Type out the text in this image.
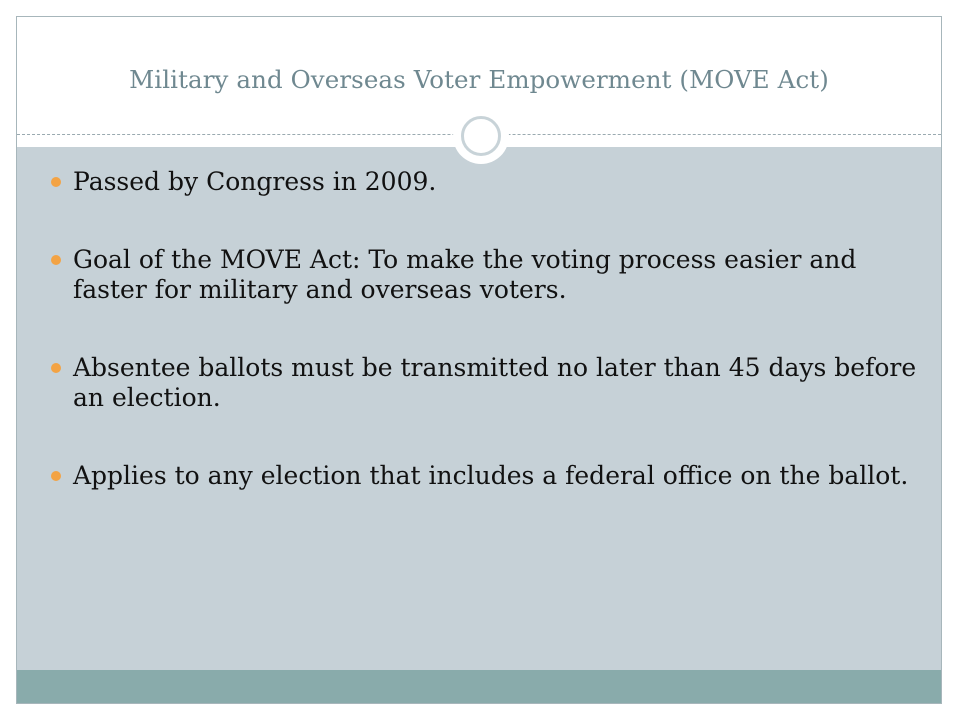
Military and Overseas Voter Empowerment (MOVE Act)
Passed by Congress in 2009.
Goal of the MOVE Act: To make the voting process easier and faster for military and overseas voters.
Absentee ballots must be transmitted no later than 45 days before an election.
Applies to any election that includes a federal office on the ballot.
